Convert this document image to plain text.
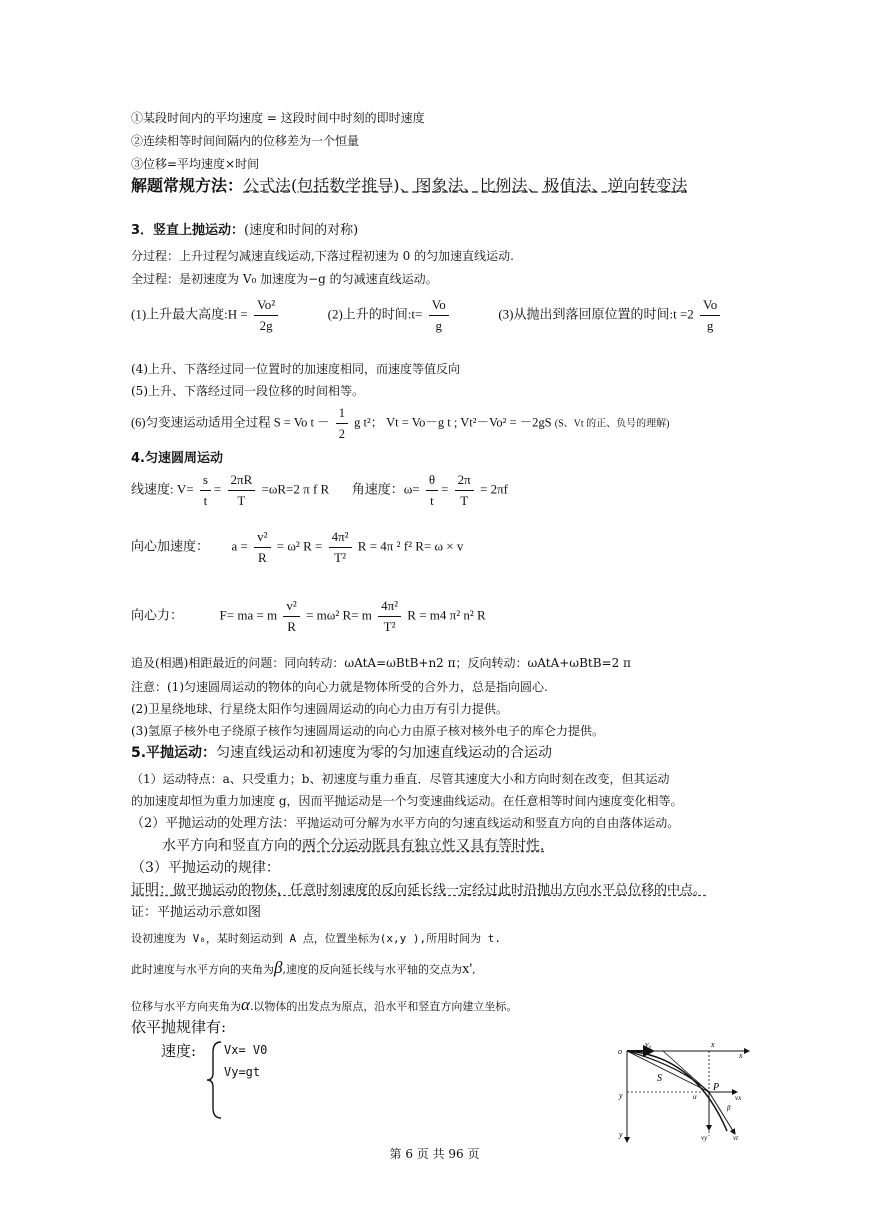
①某段时间内的平均速度 = 这段时间中时刻的即时速度
②连续相等时间间隔内的位移差为一个恒量
③位移=平均速度×时间
解题常规方法：公式法(包括数学推导)、图象法、比例法、极值法、逆向转变法
3．竖直上抛运动：(速度和时间的对称)
分过程：上升过程匀减速直线运动,下落过程初速为 0 的匀加速直线运动.
全过程：是初速度为 V₀ 加速度为−g 的匀减速直线运动。
(1)上升最大高度:H = $\frac{\text{Vo²}}{2g}$	(2)上升的时间:t= $\frac{Vo}{g}$	(3)从抛出到落回原位置的时间:t $=2 \frac{Vo}{g}$
(4)上升、下落经过同一位置时的加速度相同，而速度等值反向
(5)上升、下落经过同一段位移的时间相等。
(6)匀变速运动适用全过程 S = Vo $t - \frac{1}{2}$ g t²； Vt = Vo－g t ; Vt²－Vo² = －2gS (S、Vt 的正、负号的理解)
4.匀速圆周运动
线速度: $V= \frac{s}{t} = \frac{2\pi R}{T} =\omega R=2$ π f R 角速度：$\omega= \frac{\theta}{t} = \frac{2\pi}{T} = 2\pi f$
向心加速度： $a = \frac{\text{v²}}{R} = \omega^2$ $R = \frac{\text{4π²}}{\text{T²}}$ R = 4π ² f² R= ω × v
向心力：	F= ma = m $\frac{\text{v²}}{R} = m\omega^2$ R= m $\frac{\text{4π²}}{\text{T²}}$ R = m4 π² n² R
追及(相遇)相距最近的问题：同向转动：ωAtA=ωBtB+n2 π；反向转动：ωAtA+ωBtB=2 π
注意：(1)匀速圆周运动的物体的向心力就是物体所受的合外力，总是指向圆心.
(2)卫星绕地球、行星绕太阳作匀速圆周运动的向心力由万有引力提供。
(3)氢原子核外电子绕原子核作匀速圆周运动的向心力由原子核对核外电子的库仑力提供。
5.平抛运动：匀速直线运动和初速度为零的匀加速直线运动的合运动
（1）运动特点：a、只受重力；b、初速度与重力垂直．尽管其速度大小和方向时刻在改变，但其运动
的加速度却恒为重力加速度 g，因而平抛运动是一个匀变速曲线运动。在任意相等时间内速度变化相等。
（2）平抛运动的处理方法：平抛运动可分解为水平方向的匀速直线运动和竖直方向的自由落体运动。
水平方向和竖直方向的两个分运动既具有独立性又具有等时性.
（3）平抛运动的规律：
证明：做平抛运动的物体，任意时刻速度的反向延长线一定经过此时沿抛出方向水平总位移的中点。
证：平抛运动示意如图
设初速度为 V₀，某时刻运动到 A 点，位置坐标为(x,y ),所用时间为 t.
此时速度与水平方向的夹角为β,速度的反向延长线与水平轴的交点为x',
位移与水平方向夹角为α.以物体的出发点为原点，沿水平和竖直方向建立坐标。
依平抛规律有:
速度: Vx= V0
Vy=gt
o
v₀	x
x
S
P
y
y
vx
α
β
vy	vt
第 6 页 共 96 页
